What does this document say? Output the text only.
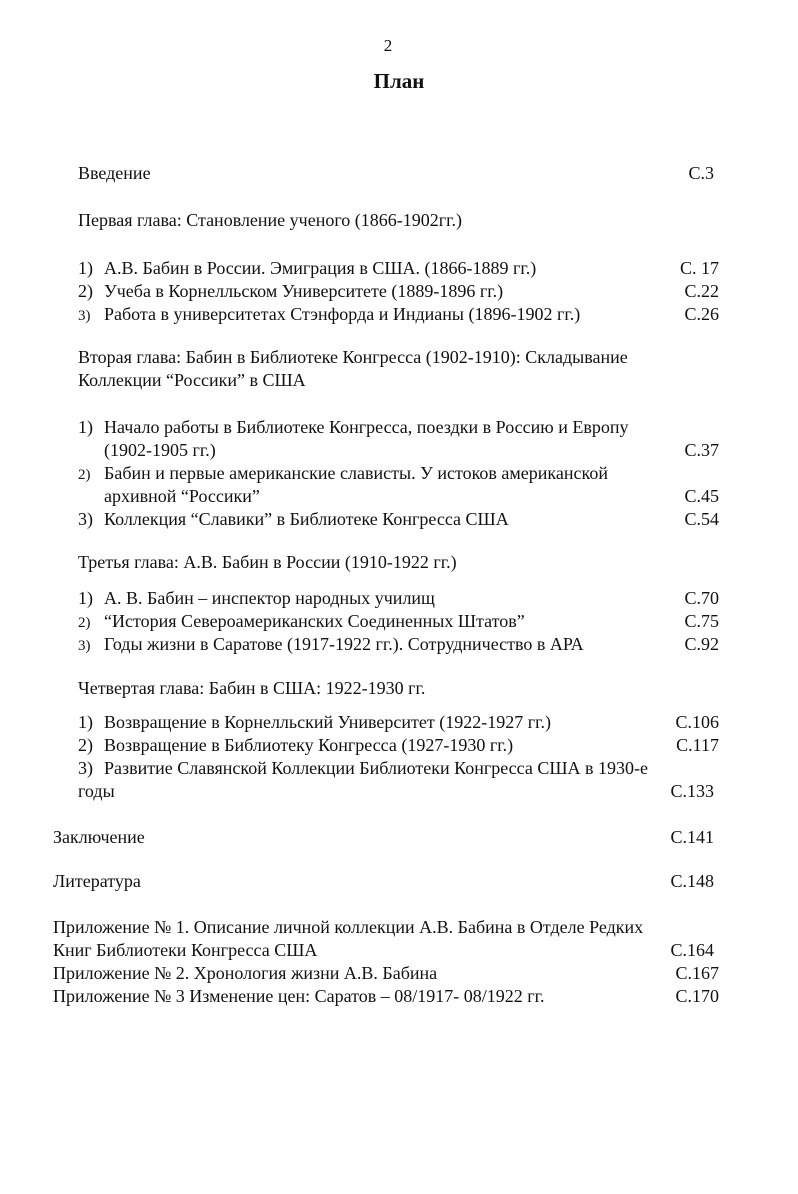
2
План
Введение	С.3
Первая глава: Становление ученого (1866-1902гг.)
1) А.В. Бабин в России. Эмиграция в США. (1866-1889 гг.)	С. 17
2) Учеба в Корнелльском Университете (1889-1896 гг.)	С.22
3) Работа в университетах Стэнфорда и Индианы (1896-1902 гг.)	С.26
Вторая глава: Бабин в Библиотеке Конгресса (1902-1910): Складывание
Коллекции “Россики” в США
1) Начало работы в Библиотеке Конгресса, поездки в Россию и Европу
(1902-1905 гг.)	С.37
2) Бабин и первые американские слависты. У истоков американской
архивной “Россики”	С.45
3) Коллекция “Славики” в Библиотеке Конгресса США	С.54
Третья глава: А.В. Бабин в России (1910-1922 гг.)
1) А. В. Бабин – инспектор народных училищ	С.70
2) “История Североамериканских Соединенных Штатов”	С.75
3) Годы жизни в Саратове (1917-1922 гг.). Сотрудничество в АРА	С.92
Четвертая глава: Бабин в США: 1922-1930 гг.
1) Возвращение в Корнелльский Университет (1922-1927 гг.)	С.106
2) Возвращение в Библиотеку Конгресса (1927-1930 гг.)	С.117
3) Развитие Славянской Коллекции Библиотеки Конгресса США в 1930-е
годы	С.133
Заключение	С.141
Литература	С.148
Приложение № 1. Описание личной коллекции А.В. Бабина в Отделе Редких
Книг Библиотеки Конгресса США	С.164
Приложение № 2. Хронология жизни А.В. Бабина	С.167
Приложение № 3 Изменение цен: Саратов – 08/1917- 08/1922 гг.	С.170
